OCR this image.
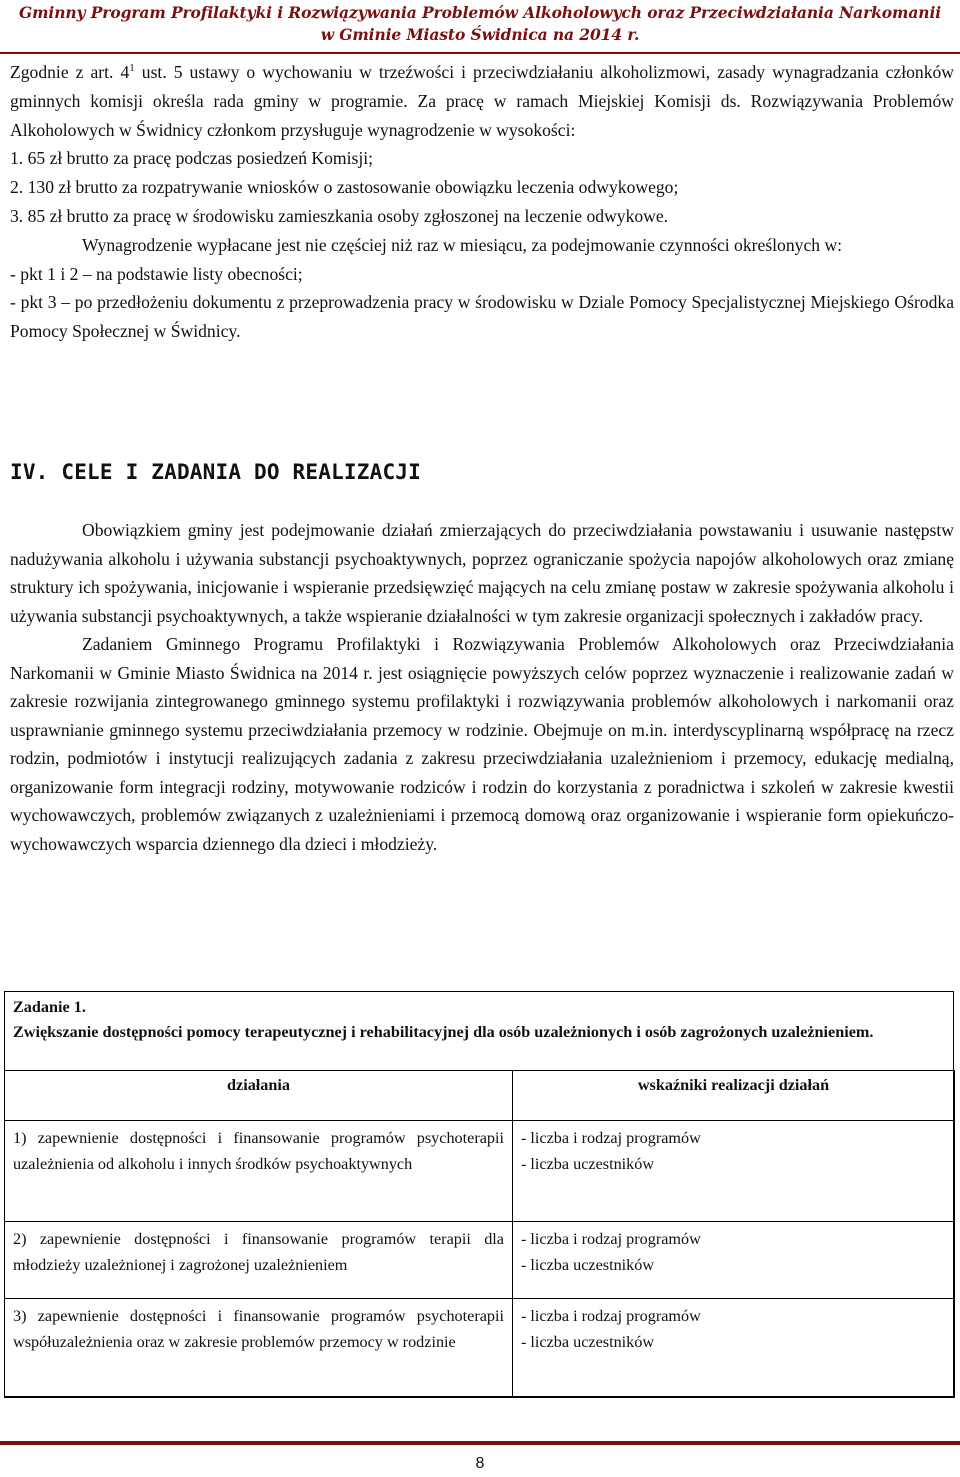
Gminny Program Profilaktyki i Rozwiązywania Problemów Alkoholowych oraz Przeciwdziałania Narkomanii
w Gminie Miasto Świdnica na 2014 r.

Zgodnie z art. $4^1$ ust. 5 ustawy o wychowaniu w trzeźwości i przeciwdziałaniu alkoholizmowi, zasady wynagradzania członków gminnych komisji określa rada gminy w programie. Za pracę w ramach Miejskiej Komisji ds. Rozwiązywania Problemów Alkoholowych w Świdnicy członkom przysługuje wynagrodzenie w wysokości:

1. 65 zł brutto za pracę podczas posiedzeń Komisji;

2. 130 zł brutto za rozpatrywanie wniosków o zastosowanie obowiązku leczenia odwykowego;

3. 85 zł brutto za pracę w środowisku zamieszkania osoby zgłoszonej na leczenie odwykowe.

Wynagrodzenie wypłacane jest nie częściej niż raz w miesiącu, za podejmowanie czynności określonych w:

- pkt 1 i 2 – na podstawie listy obecności;

- pkt 3 – po przedłożeniu dokumentu z przeprowadzenia pracy w środowisku w Dziale Pomocy Specjalistycznej Miejskiego Ośrodka Pomocy Społecznej w Świdnicy.

IV. CELE I ZADANIA DO REALIZACJI

Obowiązkiem gminy jest podejmowanie działań zmierzających do przeciwdziałania powstawaniu i usuwanie następstw nadużywania alkoholu i używania substancji psychoaktywnych, poprzez ograniczanie spożycia napojów alkoholowych oraz zmianę struktury ich spożywania, inicjowanie i wspieranie przedsięwzięć mających na celu zmianę postaw w zakresie spożywania alkoholu i używania substancji psychoaktywnych, a także wspieranie działalności w tym zakresie organizacji społecznych i zakładów pracy.

Zadaniem Gminnego Programu Profilaktyki i Rozwiązywania Problemów Alkoholowych oraz Przeciwdziałania Narkomanii w Gminie Miasto Świdnica na 2014 r. jest osiągnięcie powyższych celów poprzez wyznaczenie i realizowanie zadań w zakresie rozwijania zintegrowanego gminnego systemu profilaktyki i rozwiązywania problemów alkoholowych i narkomanii oraz usprawnianie gminnego systemu przeciwdziałania przemocy w rodzinie. Obejmuje on m.in. interdyscyplinarną współpracę na rzecz rodzin, podmiotów i instytucji realizujących zadania z zakresu przeciwdziałania uzależnieniom i przemocy, edukację medialną, organizowanie form integracji rodziny, motywowanie rodziców i rodzin do korzystania z poradnictwa i szkoleń w zakresie kwestii wychowawczych, problemów związanych z uzależnieniami i przemocą domową oraz organizowanie i wspieranie form opiekuńczo-wychowawczych wsparcia dziennego dla dzieci i młodzieży.

Zadanie 1.
Zwiększanie dostępności pomocy terapeutycznej i rehabilitacyjnej dla osób uzależnionych i osób zagrożonych uzależnieniem.
działania	wskaźniki realizacji działań
1) zapewnienie dostępności i finansowanie programów psychoterapii uzależnienia od alkoholu i innych środków psychoaktywnych	- liczba i rodzaj programów
- liczba uczestników

2) zapewnienie dostępności i finansowanie programów terapii dla młodzieży uzależnionej i zagrożonej uzależnieniem	- liczba i rodzaj programów
- liczba uczestników

3) zapewnienie dostępności i finansowanie programów psychoterapii współuzależnienia oraz w zakresie problemów przemocy w rodzinie	- liczba i rodzaj programów
- liczba uczestników
8
